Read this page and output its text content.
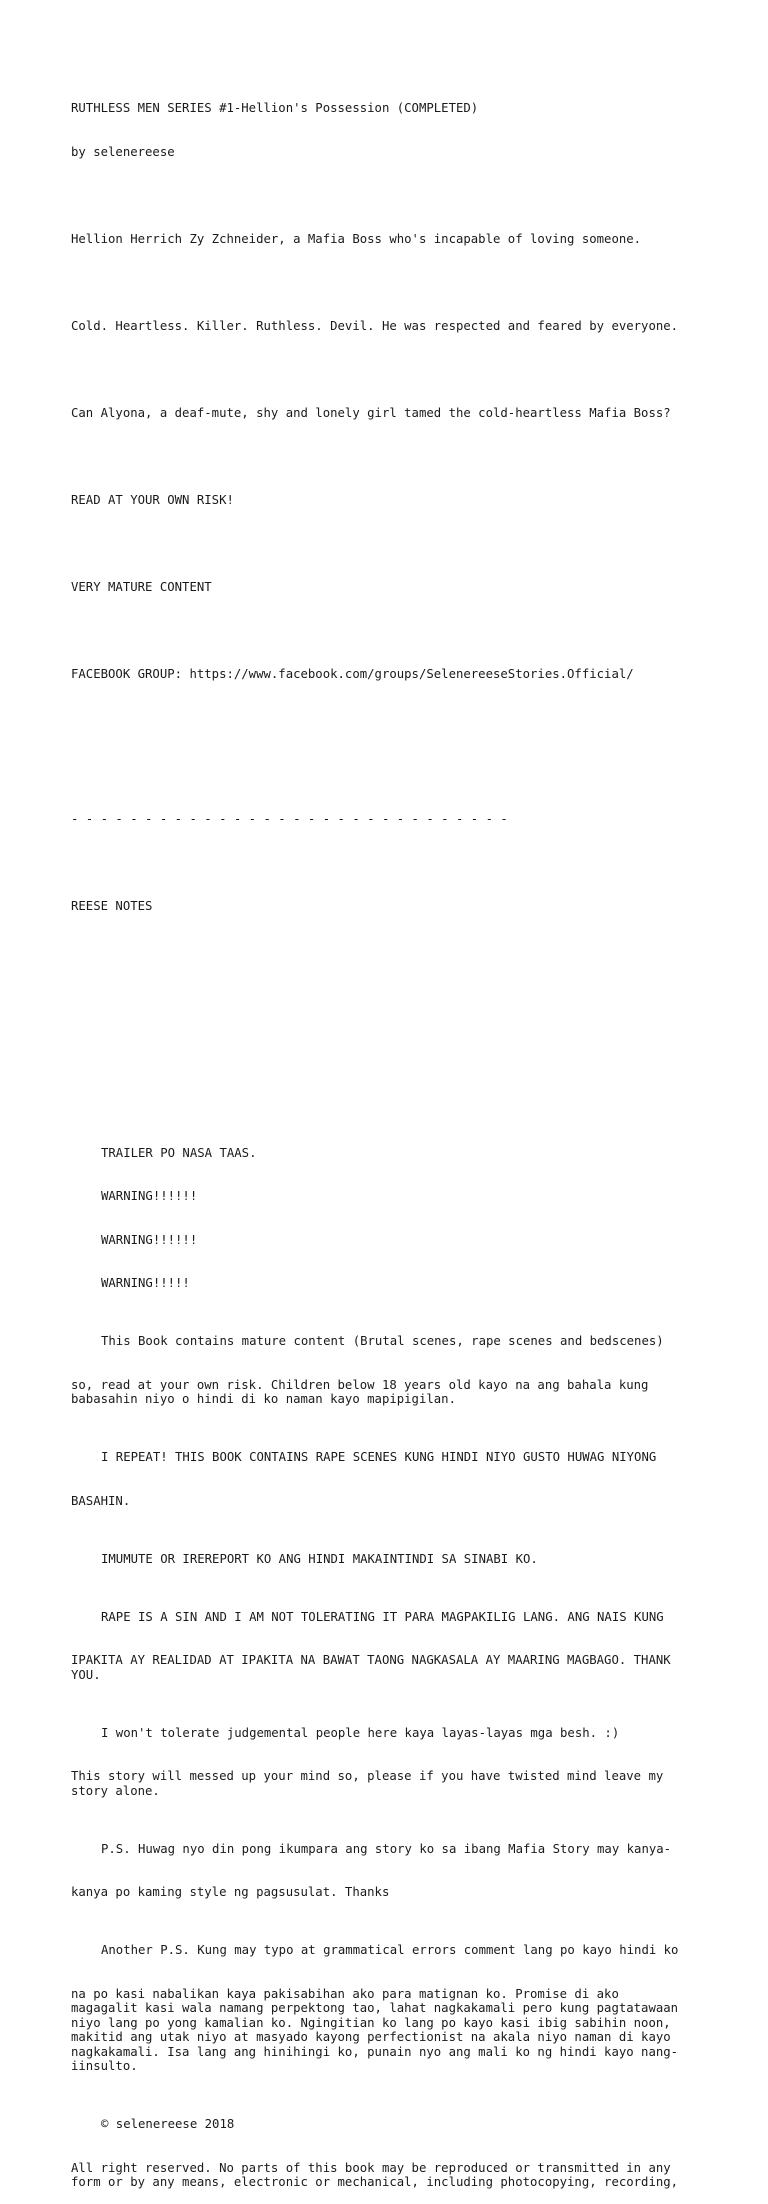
RUTHLESS MEN SERIES #1-Hellion's Possession (COMPLETED)

by selenereese

Hellion Herrich Zy Zchneider, a Mafia Boss who's incapable of loving someone.

Cold. Heartless. Killer. Ruthless. Devil. He was respected and feared by everyone.

Can Alyona, a deaf-mute, shy and lonely girl tamed the cold-heartless Mafia Boss?

READ AT YOUR OWN RISK!

VERY MATURE CONTENT

FACEBOOK GROUP: https://www.facebook.com/groups/SelenereeseStories.Official/

- - - - - - - - - - - - - - - - - - - - - - - - - - - - - -

REESE NOTES

TRAILER PO NASA TAAS.

WARNING!!!!!!

WARNING!!!!!!

WARNING!!!!!

This Book contains mature content (Brutal scenes, rape scenes and bedscenes)

so, read at your own risk. Children below 18 years old kayo na ang bahala kung
babasahin niyo o hindi di ko naman kayo mapipigilan.

I REPEAT! THIS BOOK CONTAINS RAPE SCENES KUNG HINDI NIYO GUSTO HUWAG NIYONG

BASAHIN.

IMUMUTE OR IREREPORT KO ANG HINDI MAKAINTINDI SA SINABI KO.

RAPE IS A SIN AND I AM NOT TOLERATING IT PARA MAGPAKILIG LANG. ANG NAIS KUNG

IPAKITA AY REALIDAD AT IPAKITA NA BAWAT TAONG NAGKASALA AY MAARING MAGBAGO. THANK
YOU.

I won't tolerate judgemental people here kaya layas-layas mga besh. :)

This story will messed up your mind so, please if you have twisted mind leave my
story alone.

P.S. Huwag nyo din pong ikumpara ang story ko sa ibang Mafia Story may kanya-

kanya po kaming style ng pagsusulat. Thanks

Another P.S. Kung may typo at grammatical errors comment lang po kayo hindi ko

na po kasi nabalikan kaya pakisabihan ako para matignan ko. Promise di ako
magagalit kasi wala namang perpektong tao, lahat nagkakamali pero kung pagtatawaan
niyo lang po yong kamalian ko. Ngingitian ko lang po kayo kasi ibig sabihin noon,
makitid ang utak niyo at masyado kayong perfectionist na akala niyo naman di kayo
nagkakamali. Isa lang ang hinihingi ko, punain nyo ang mali ko ng hindi kayo nang-
iinsulto.

© selenereese 2018

All right reserved. No parts of this book may be reproduced or transmitted in any
form or by any means, electronic or mechanical, including photocopying, recording,
